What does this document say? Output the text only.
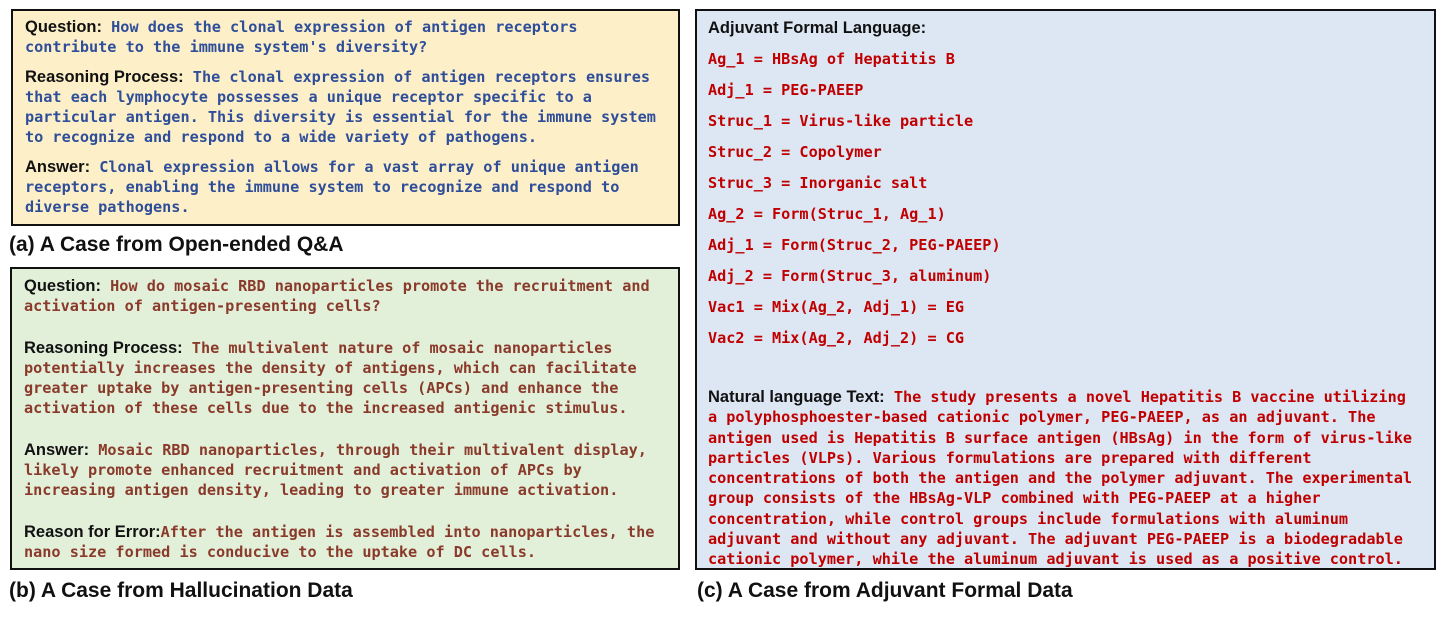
Question: How does the clonal expression of antigen receptors contribute to the immune system's diversity?

Reasoning Process: The clonal expression of antigen receptors ensures that each lymphocyte possesses a unique receptor specific to a particular antigen. This diversity is essential for the immune system to recognize and respond to a wide variety of pathogens.

Answer: Clonal expression allows for a vast array of unique antigen receptors, enabling the immune system to recognize and respond to diverse pathogens.

(a) A Case from Open-ended Q&A

Question: How do mosaic RBD nanoparticles promote the recruitment and activation of antigen-presenting cells?

Reasoning Process: The multivalent nature of mosaic nanoparticles potentially increases the density of antigens, which can facilitate greater uptake by antigen-presenting cells (APCs) and enhance the activation of these cells due to the increased antigenic stimulus.

Answer: Mosaic RBD nanoparticles, through their multivalent display, likely promote enhanced recruitment and activation of APCs by increasing antigen density, leading to greater immune activation.

Reason for Error:After the antigen is assembled into nanoparticles, the nano size formed is conducive to the uptake of DC cells.

(b) A Case from Hallucination Data
Adjuvant Formal Language:

Ag_1 = HBsAg of Hepatitis B

Adj_1 = PEG-PAEEP

Struc_1 = Virus-like particle

Struc_2 = Copolymer

Struc_3 = Inorganic salt

Ag_2 = Form(Struc_1, Ag_1)

Adj_1 = Form(Struc_2, PEG-PAEEP)

Adj_2 = Form(Struc_3, aluminum)

Vac1 = Mix(Ag_2, Adj_1) = EG

Vac2 = Mix(Ag_2, Adj_2) = CG

Natural language Text: The study presents a novel Hepatitis B vaccine utilizing a polyphosphoester-based cationic polymer, PEG-PAEEP, as an adjuvant. The antigen used is Hepatitis B surface antigen (HBsAg) in the form of virus-like particles (VLPs). Various formulations are prepared with different concentrations of both the antigen and the polymer adjuvant. The experimental group consists of the HBsAg-VLP combined with PEG-PAEEP at a higher concentration, while control groups include formulations with aluminum adjuvant and without any adjuvant. The adjuvant PEG-PAEEP is a biodegradable cationic polymer, while the aluminum adjuvant is used as a positive control.

(c) A Case from Adjuvant Formal Data
